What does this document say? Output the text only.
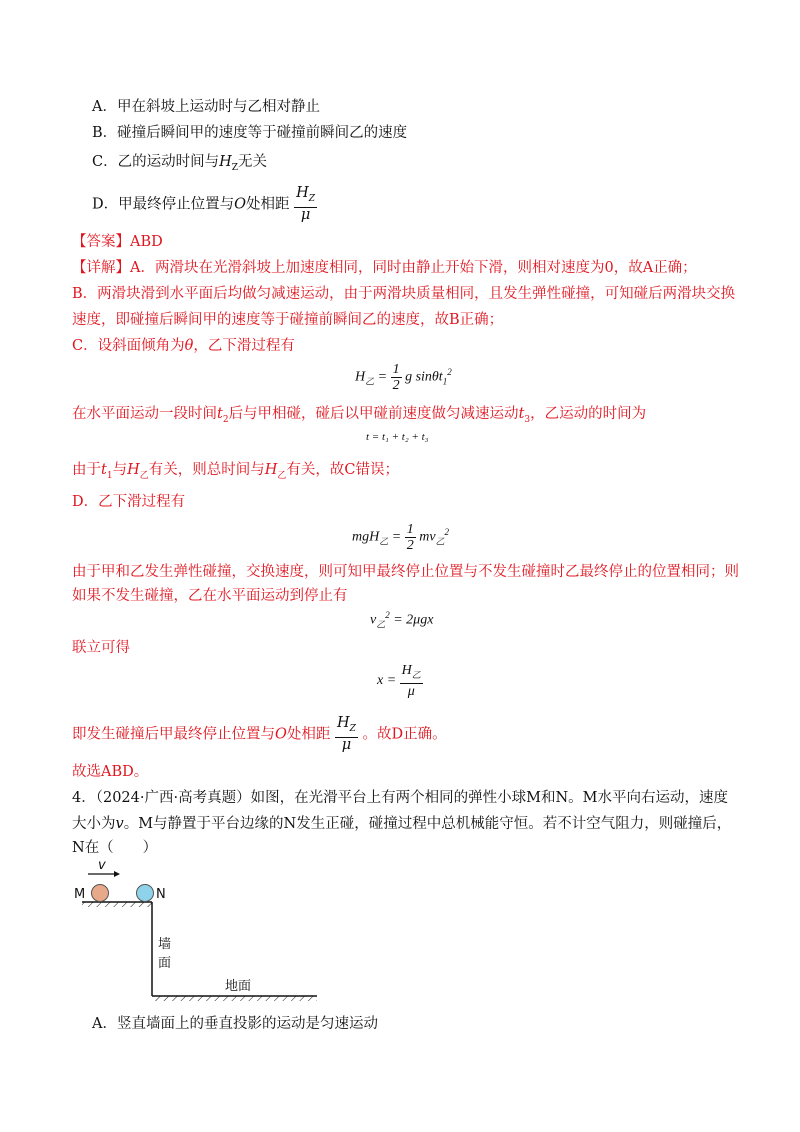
A．甲在斜坡上运动时与乙相对静止
B．碰撞后瞬间甲的速度等于碰撞前瞬间乙的速度
C．乙的运动时间与$H_Z$无关
D．甲最终停止位置与O处相距 $\frac{H_Z}{\mu}$
【答案】ABD
【详解】A．两滑块在光滑斜坡上加速度相同，同时由静止开始下滑，则相对速度为0，故A正确；
B．两滑块滑到水平面后均做匀减速运动，由于两滑块质量相同，且发生弹性碰撞，可知碰后两滑块交换
速度，即碰撞后瞬间甲的速度等于碰撞前瞬间乙的速度，故B正确；
C．设斜面倾角为θ，乙下滑过程有
$H_乙 = \frac{1}{2}$ g sinθt$_1^2$
在水平面运动一段时间$t_2$后与甲相碰，碰后以甲碰前速度做匀减速运动$t_3$，乙运动的时间为
t = t₁ + t₂ + t₃
由于$t_1$与$H_乙$有关，则总时间与$H_乙$有关，故C错误；
D．乙下滑过程有
$mgH_乙 = \frac{1}{2} mv_乙^2$
由于甲和乙发生弹性碰撞，交换速度，则可知甲最终停止位置与不发生碰撞时乙最终停止的位置相同；则
如果不发生碰撞，乙在水平面运动到停止有
$v_乙^2 = 2\mu gx$
联立可得
$x = \frac{H_乙}{\mu}$
即发生碰撞后甲最终停止位置与O处相距 $\frac{H_Z}{\mu}$ 。故D正确。
故选ABD。
4．（2024·广西·高考真题）如图，在光滑平台上有两个相同的弹性小球M和N。M水平向右运动，速度
大小为v。M与静置于平台边缘的N发生正碰，碰撞过程中总机械能守恒。若不计空气阻力，则碰撞后，
N在（　　）
v
M	N
墙
面
地面
A．竖直墙面上的垂直投影的运动是匀速运动
